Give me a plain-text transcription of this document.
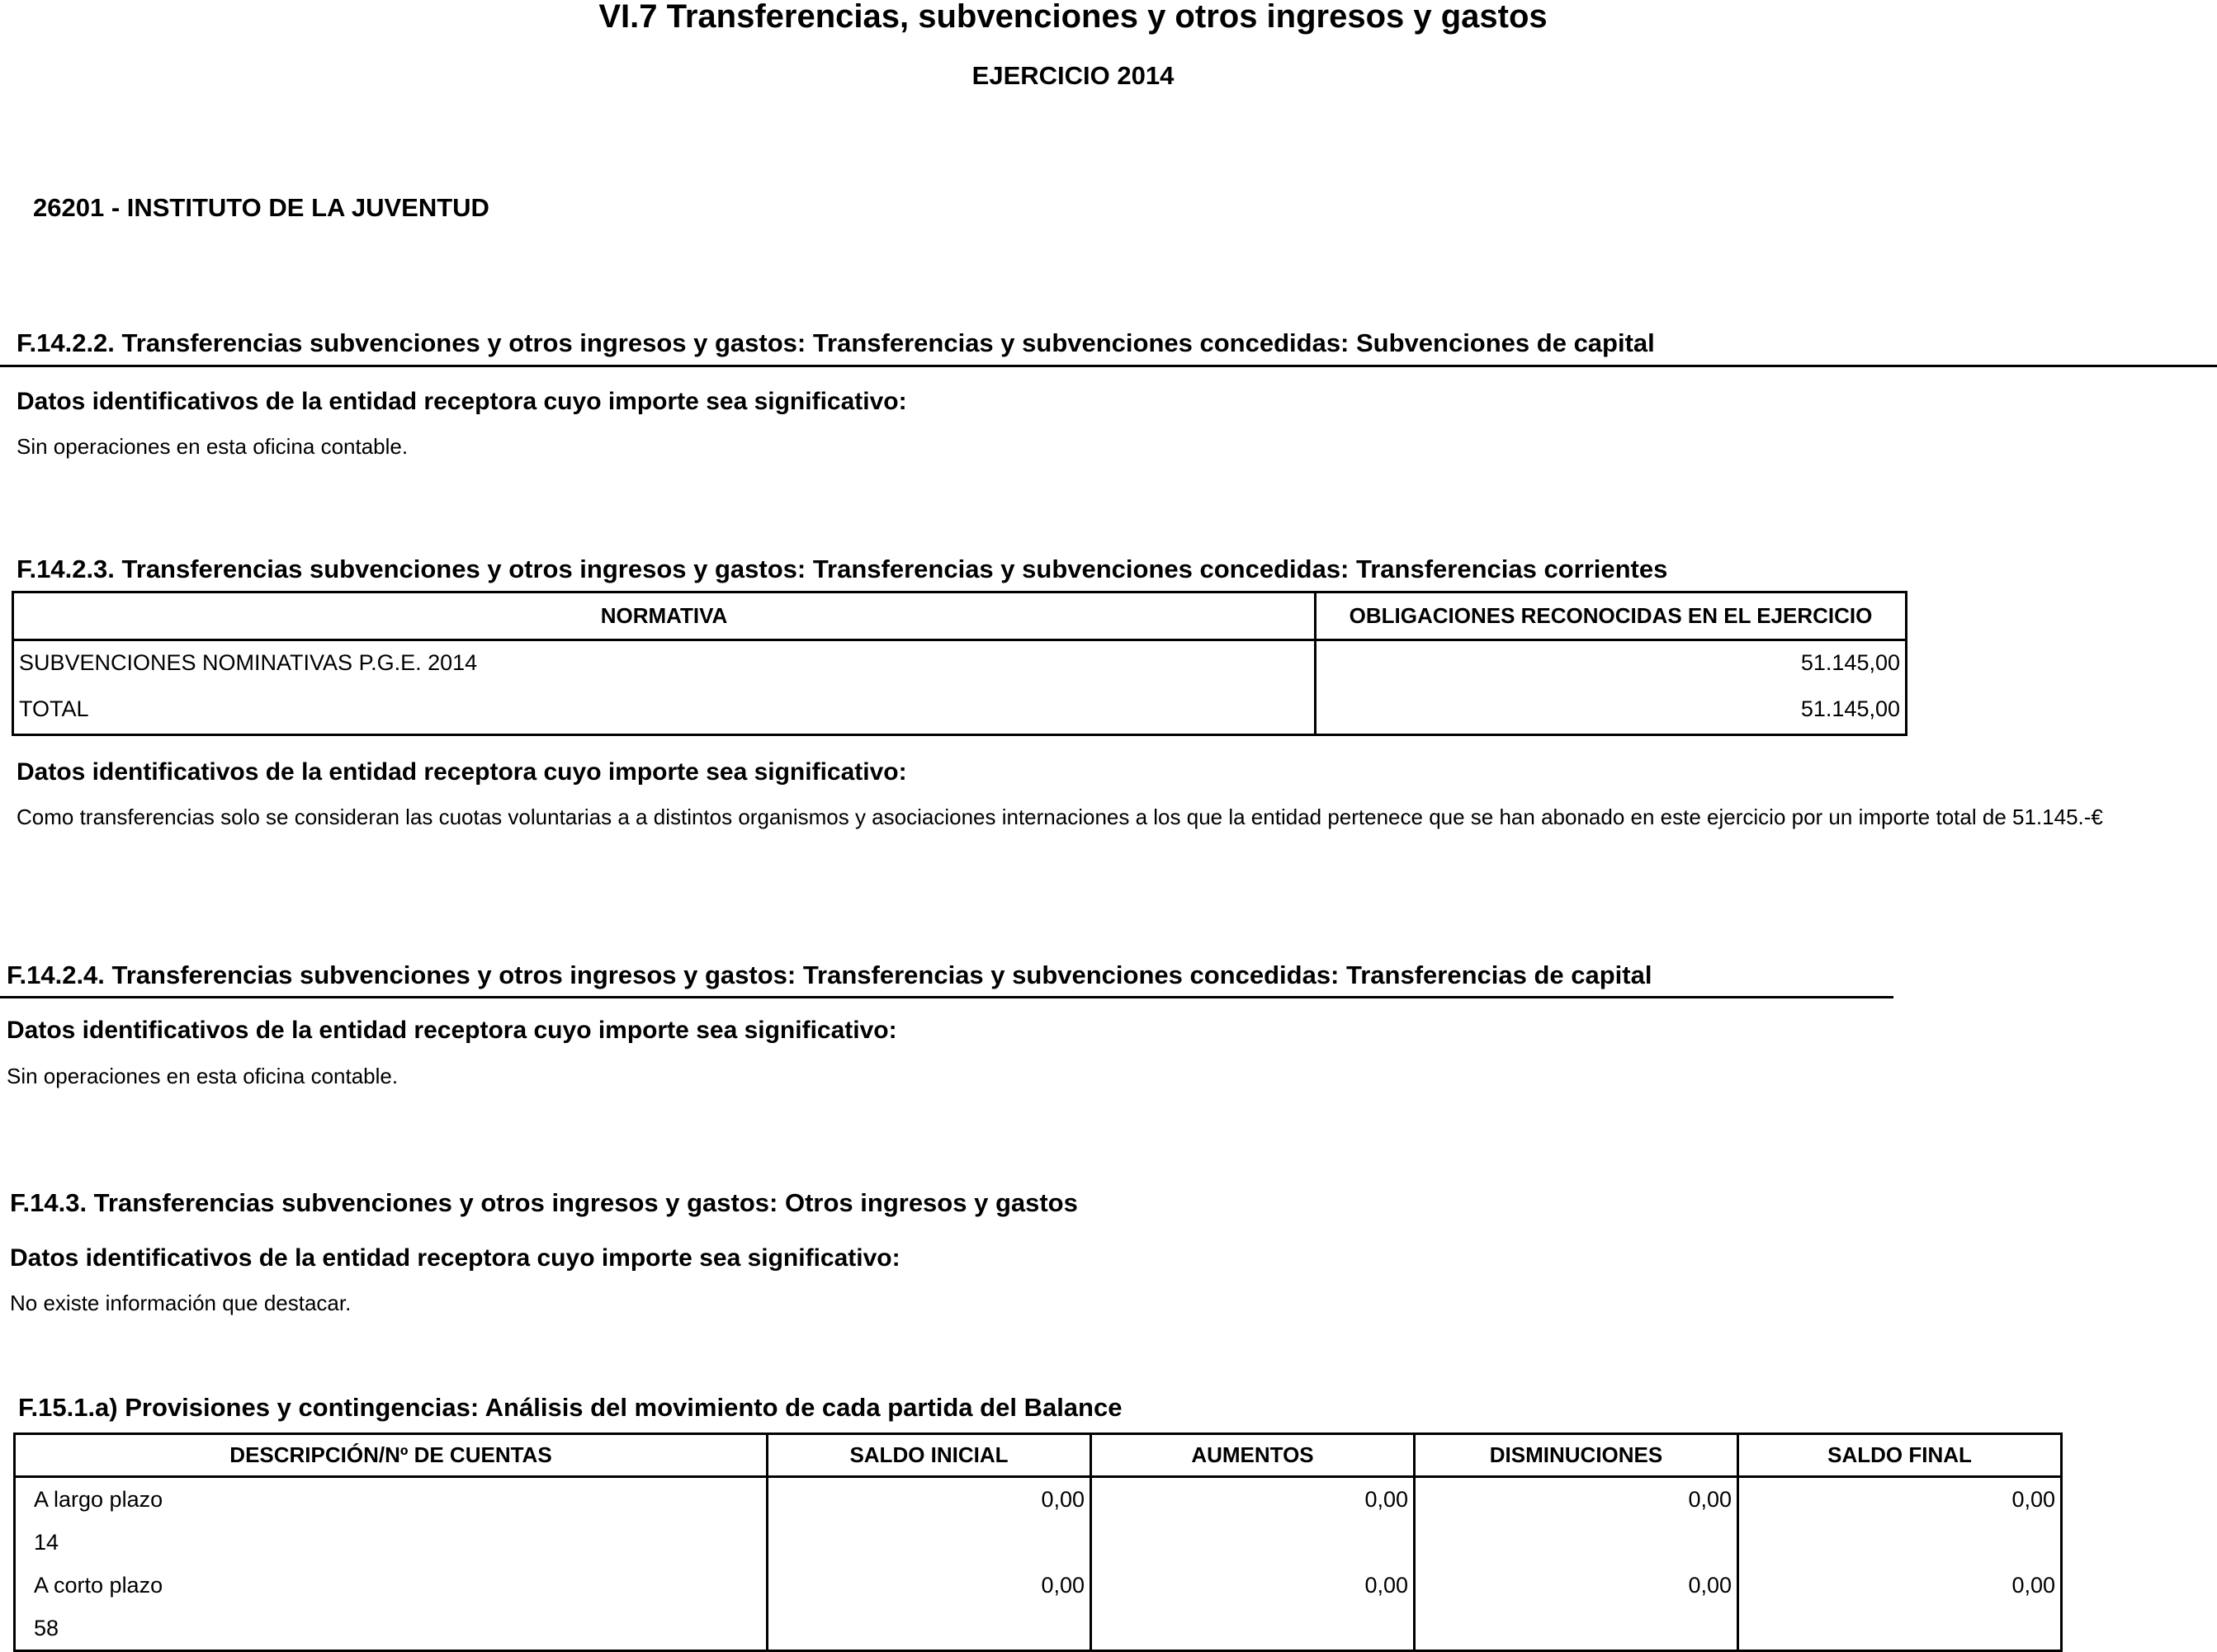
VI.7 Transferencias, subvenciones y otros ingresos y gastos
EJERCICIO 2014
26201 - INSTITUTO DE LA JUVENTUD
F.14.2.2. Transferencias subvenciones y otros ingresos y gastos: Transferencias y subvenciones concedidas: Subvenciones de capital
Datos identificativos de la entidad receptora cuyo importe sea significativo:
Sin operaciones en esta oficina contable.
F.14.2.3. Transferencias subvenciones y otros ingresos y gastos: Transferencias y subvenciones concedidas: Transferencias corrientes
NORMATIVA	OBLIGACIONES RECONOCIDAS EN EL EJERCICIO
SUBVENCIONES NOMINATIVAS P.G.E. 2014	51.145,00
TOTAL	51.145,00
Datos identificativos de la entidad receptora cuyo importe sea significativo:
Como transferencias solo se consideran las cuotas voluntarias a a distintos organismos y asociaciones internaciones a los que la entidad pertenece que se han abonado en este ejercicio por un importe total de 51.145.-€
F.14.2.4. Transferencias subvenciones y otros ingresos y gastos: Transferencias y subvenciones concedidas: Transferencias de capital
Datos identificativos de la entidad receptora cuyo importe sea significativo:
Sin operaciones en esta oficina contable.
F.14.3. Transferencias subvenciones y otros ingresos y gastos: Otros ingresos y gastos
Datos identificativos de la entidad receptora cuyo importe sea significativo:
No existe información que destacar.
F.15.1.a) Provisiones y contingencias: Análisis del movimiento de cada partida del Balance
DESCRIPCIÓN/Nº DE CUENTAS	SALDO INICIAL	AUMENTOS	DISMINUCIONES	SALDO FINAL
A largo plazo	0,00	0,00	0,00	0,00
14				
A corto plazo	0,00	0,00	0,00	0,00
58				
